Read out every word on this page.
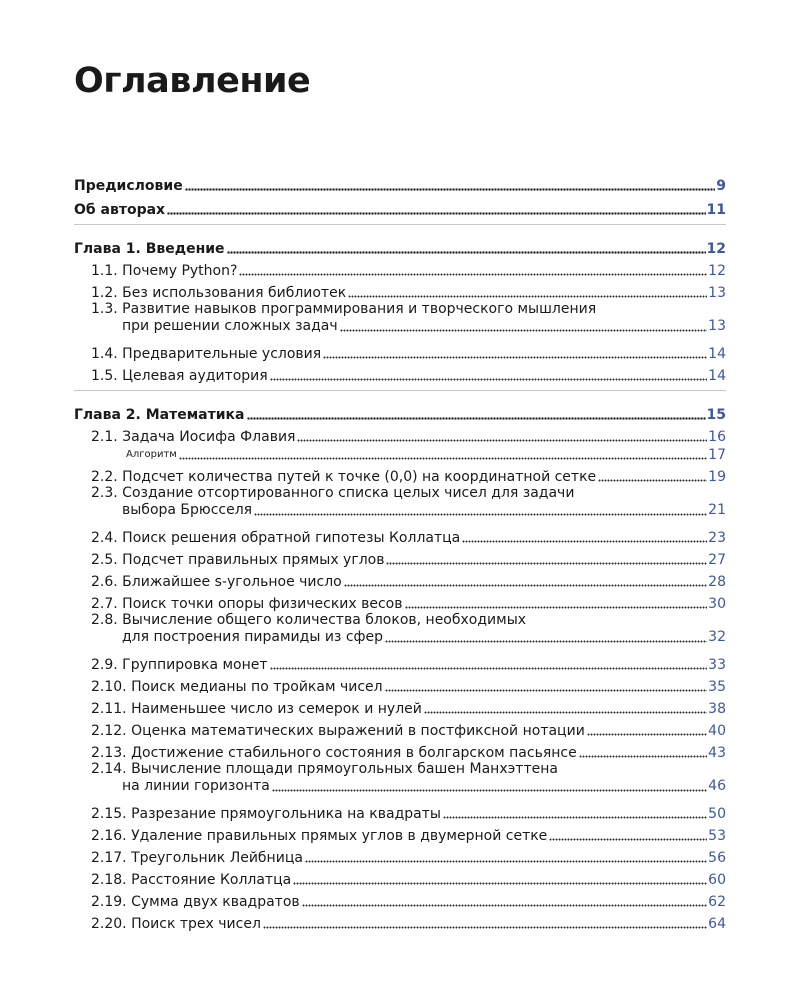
Оглавление
Предисловие	9
Об авторах	11
Глава 1. Введение	12
1.1. Почему Python?	12
1.2. Без использования библиотек	13
1.3. Развитие навыков программирования и творческого мышления
при решении сложных задач	13
1.4. Предварительные условия	14
1.5. Целевая аудитория	14
Глава 2. Математика	15
2.1. Задача Иосифа Флавия	16
Алгоритм	17
2.2. Подсчет количества путей к точке (0,0) на координатной сетке	19
2.3. Создание отсортированного списка целых чисел для задачи
выбора Брюсселя	21
2.4. Поиск решения обратной гипотезы Коллатца	23
2.5. Подсчет правильных прямых углов	27
2.6. Ближайшее s-угольное число	28
2.7. Поиск точки опоры физических весов	30
2.8. Вычисление общего количества блоков, необходимых
для построения пирамиды из сфер	32
2.9. Группировка монет	33
2.10. Поиск медианы по тройкам чисел	35
2.11. Наименьшее число из семерок и нулей	38
2.12. Оценка математических выражений в постфиксной нотации	40
2.13. Достижение стабильного состояния в болгарском пасьянсе	43
2.14. Вычисление площади прямоугольных башен Манхэттена
на линии горизонта	46
2.15. Разрезание прямоугольника на квадраты	50
2.16. Удаление правильных прямых углов в двумерной сетке	53
2.17. Треугольник Лейбница	56
2.18. Расстояние Коллатца	60
2.19. Сумма двух квадратов	62
2.20. Поиск трех чисел	64
